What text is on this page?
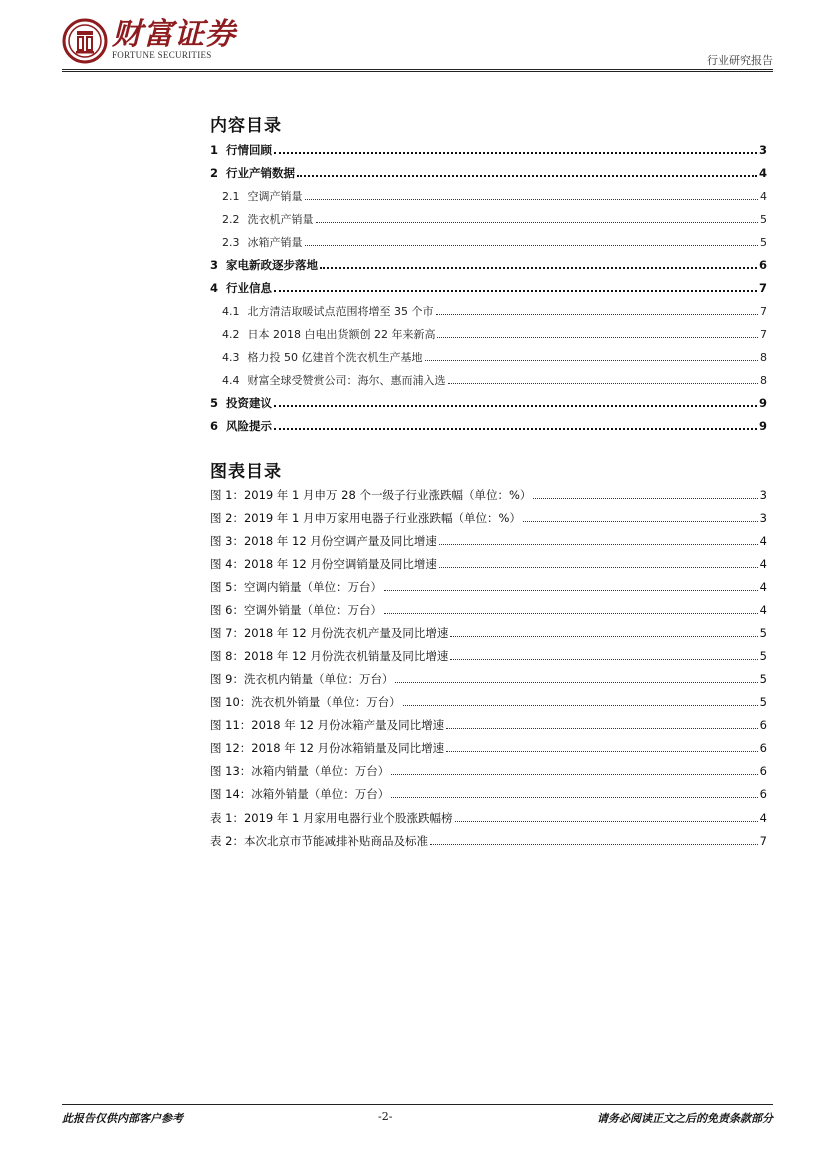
财富证券
FORTUNE SECURITIES	行业研究报告
内容目录
1 行情回顾	3
2 行业产销数据	4
2.1 空调产销量	4
2.2 洗衣机产销量	5
2.3 冰箱产销量	5
3 家电新政逐步落地	6
4 行业信息	7
4.1 北方清洁取暖试点范围将增至 35 个市	7
4.2 日本 2018 白电出货额创 22 年来新高	7
4.3 格力投 50 亿建首个洗衣机生产基地	8
4.4 财富全球受赞赏公司：海尔、惠而浦入选	8
5 投资建议	9
6 风险提示	9
图表目录
图 1：2019 年 1 月申万 28 个一级子行业涨跌幅（单位：%）	3
图 2：2019 年 1 月申万家用电器子行业涨跌幅（单位：%）	3
图 3：2018 年 12 月份空调产量及同比增速	4
图 4：2018 年 12 月份空调销量及同比增速	4
图 5：空调内销量（单位：万台）	4
图 6：空调外销量（单位：万台）	4
图 7：2018 年 12 月份洗衣机产量及同比增速	5
图 8：2018 年 12 月份洗衣机销量及同比增速	5
图 9：洗衣机内销量（单位：万台）	5
图 10：洗衣机外销量（单位：万台）	5
图 11：2018 年 12 月份冰箱产量及同比增速	6
图 12：2018 年 12 月份冰箱销量及同比增速	6
图 13：冰箱内销量（单位：万台）	6
图 14：冰箱外销量（单位：万台）	6
表 1：2019 年 1 月家用电器行业个股涨跌幅榜	4
表 2：本次北京市节能减排补贴商品及标准	7
此报告仅供内部客户参考	-2-	请务必阅读正文之后的免责条款部分
